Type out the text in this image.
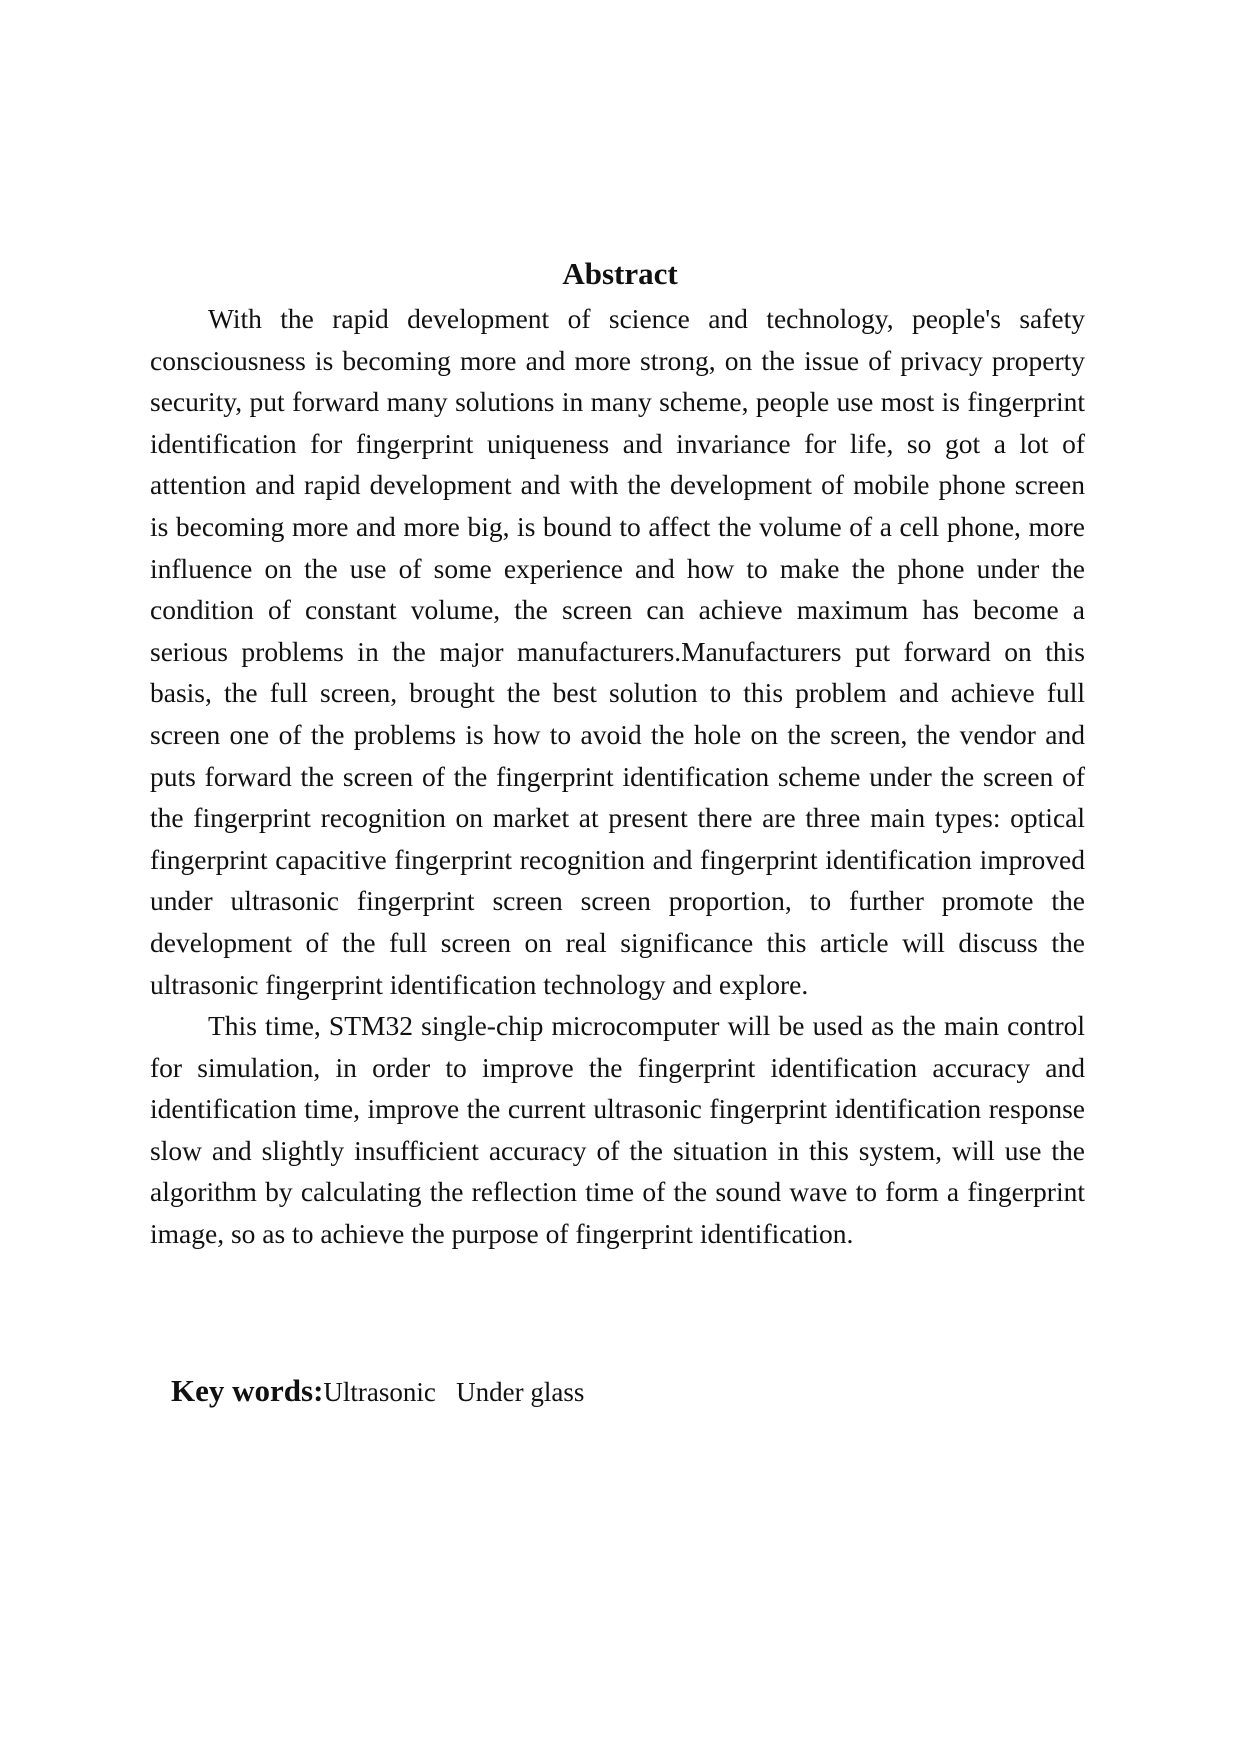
Abstract

With the rapid development of science and technology, people's safety consciousness is becoming more and more strong, on the issue of privacy property security, put forward many solutions in many scheme, people use most is fingerprint identification for fingerprint uniqueness and invariance for life, so got a lot of attention and rapid development and with the development of mobile phone screen is becoming more and more big, is bound to affect the volume of a cell phone, more influence on the use of some experience and how to make the phone under the condition of constant volume, the screen can achieve maximum has become a serious problems in the major manufacturers.Manufacturers put forward on this basis, the full screen, brought the best solution to this problem and achieve full screen one of the problems is how to avoid the hole on the screen, the vendor and puts forward the screen of the fingerprint identification scheme under the screen of the fingerprint recognition on market at present there are three main types: optical fingerprint capacitive fingerprint recognition and fingerprint identification improved under ultrasonic fingerprint screen screen proportion, to further promote the development of the full screen on real significance this article will discuss the ultrasonic fingerprint identification technology and explore.

This time, STM32 single-chip microcomputer will be used as the main control for simulation, in order to improve the fingerprint identification accuracy and identification time, improve the current ultrasonic fingerprint identification response slow and slightly insufficient accuracy of the situation in this system, will use the algorithm by calculating the reflection time of the sound wave to form a fingerprint image, so as to achieve the purpose of fingerprint identification.

Key words:Ultrasonic   Under glass
